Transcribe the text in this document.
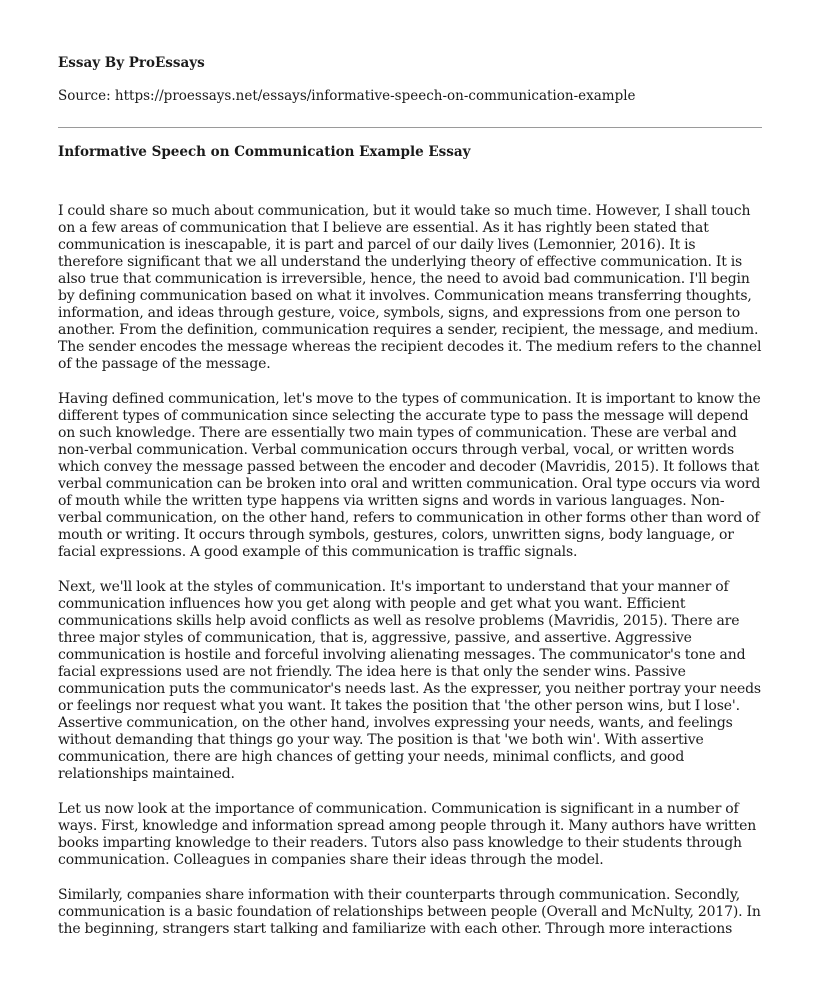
Essay By ProEssays
Source: https://proessays.net/essays/informative-speech-on-communication-example
Informative Speech on Communication Example Essay

I could share so much about communication, but it would take so much time. However, I shall touch on a few areas of communication that I believe are essential. As it has rightly been stated that communication is inescapable, it is part and parcel of our daily lives (Lemonnier, 2016). It is therefore significant that we all understand the underlying theory of effective communication. It is also true that communication is irreversible, hence, the need to avoid bad communication. I'll begin by defining communication based on what it involves. Communication means transferring thoughts, information, and ideas through gesture, voice, symbols, signs, and expressions from one person to another. From the definition, communication requires a sender, recipient, the message, and medium. The sender encodes the message whereas the recipient decodes it. The medium refers to the channel of the passage of the message.

Having defined communication, let's move to the types of communication. It is important to know the different types of communication since selecting the accurate type to pass the message will depend on such knowledge. There are essentially two main types of communication. These are verbal and non-verbal communication. Verbal communication occurs through verbal, vocal, or written words which convey the message passed between the encoder and decoder (Mavridis, 2015). It follows that verbal communication can be broken into oral and written communication. Oral type occurs via word of mouth while the written type happens via written signs and words in various languages. Non-verbal communication, on the other hand, refers to communication in other forms other than word of mouth or writing. It occurs through symbols, gestures, colors, unwritten signs, body language, or facial expressions. A good example of this communication is traffic signals.

Next, we'll look at the styles of communication. It's important to understand that your manner of communication influences how you get along with people and get what you want. Efficient communications skills help avoid conflicts as well as resolve problems (Mavridis, 2015). There are three major styles of communication, that is, aggressive, passive, and assertive. Aggressive communication is hostile and forceful involving alienating messages. The communicator's tone and facial expressions used are not friendly. The idea here is that only the sender wins. Passive communication puts the communicator's needs last. As the expresser, you neither portray your needs or feelings nor request what you want. It takes the position that 'the other person wins, but I lose'. Assertive communication, on the other hand, involves expressing your needs, wants, and feelings without demanding that things go your way. The position is that 'we both win'. With assertive communication, there are high chances of getting your needs, minimal conflicts, and good relationships maintained.

Let us now look at the importance of communication. Communication is significant in a number of ways. First, knowledge and information spread among people through it. Many authors have written books imparting knowledge to their readers. Tutors also pass knowledge to their students through communication. Colleagues in companies share their ideas through the model.

Similarly, companies share information with their counterparts through communication. Secondly, communication is a basic foundation of relationships between people (Overall and McNulty, 2017). In the beginning, strangers start talking and familiarize with each other. Through more interactions
